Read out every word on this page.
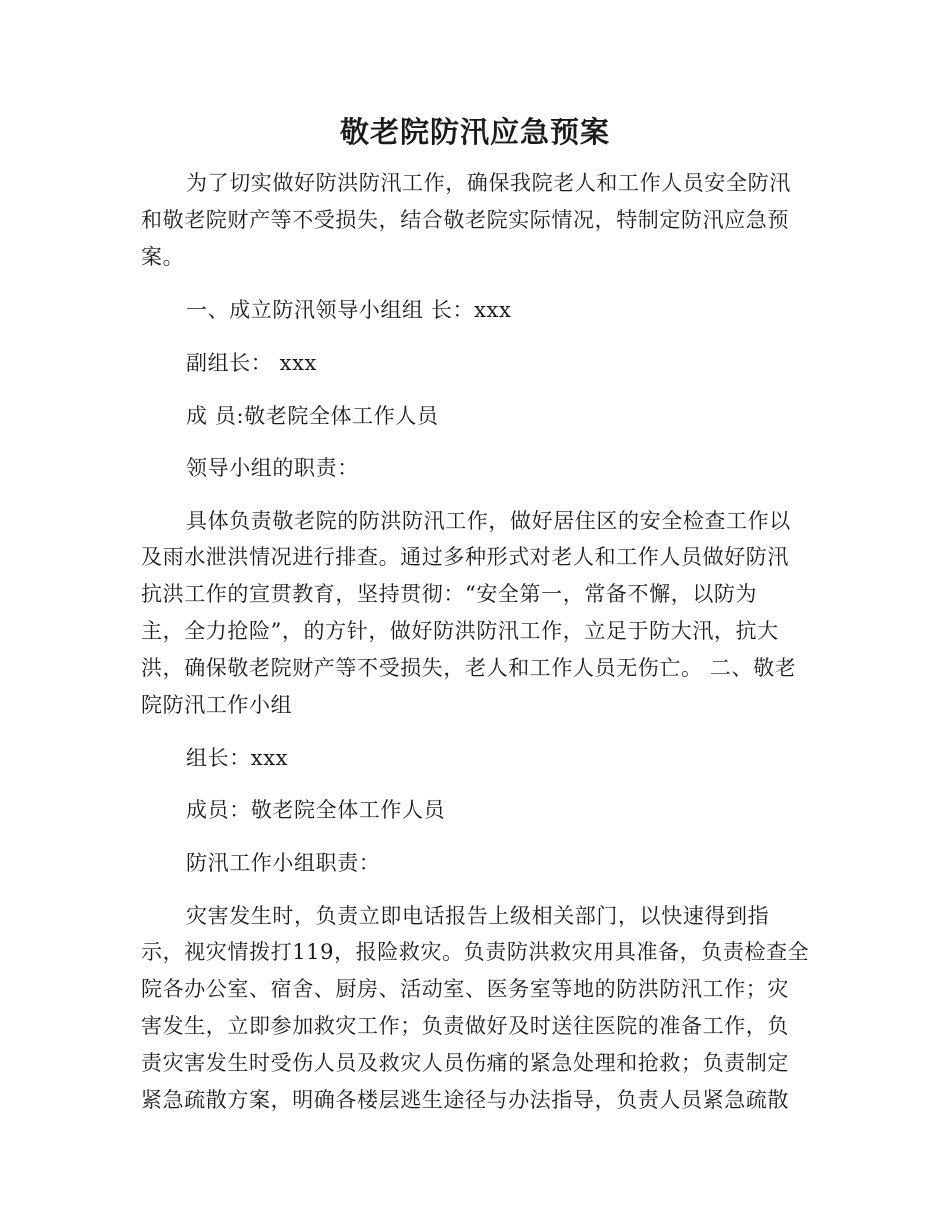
敬老院防汛应急预案
为了切实做好防洪防汛工作，确保我院老人和工作人员安全防汛
和敬老院财产等不受损失，结合敬老院实际情况，特制定防汛应急预
案。
一、成立防汛领导小组组 长：xxx
副组长： xxx
成 员:敬老院全体工作人员
领导小组的职责：
具体负责敬老院的防洪防汛工作，做好居住区的安全检查工作以
及雨水泄洪情况进行排查。通过多种形式对老人和工作人员做好防汛
抗洪工作的宣贯教育，坚持贯彻：“安全第一，常备不懈，以防为
主，全力抢险”，的方针，做好防洪防汛工作，立足于防大汛，抗大
洪，确保敬老院财产等不受损失，老人和工作人员无伤亡。 二、敬老
院防汛工作小组
组长：xxx
成员：敬老院全体工作人员
防汛工作小组职责：
灾害发生时，负责立即电话报告上级相关部门，以快速得到指
示，视灾情拨打119，报险救灾。负责防洪救灾用具准备，负责检查全
院各办公室、宿舍、厨房、活动室、医务室等地的防洪防汛工作；灾
害发生，立即参加救灾工作；负责做好及时送往医院的准备工作，负
责灾害发生时受伤人员及救灾人员伤痛的紧急处理和抢救；负责制定
紧急疏散方案，明确各楼层逃生途径与办法指导，负责人员紧急疏散
